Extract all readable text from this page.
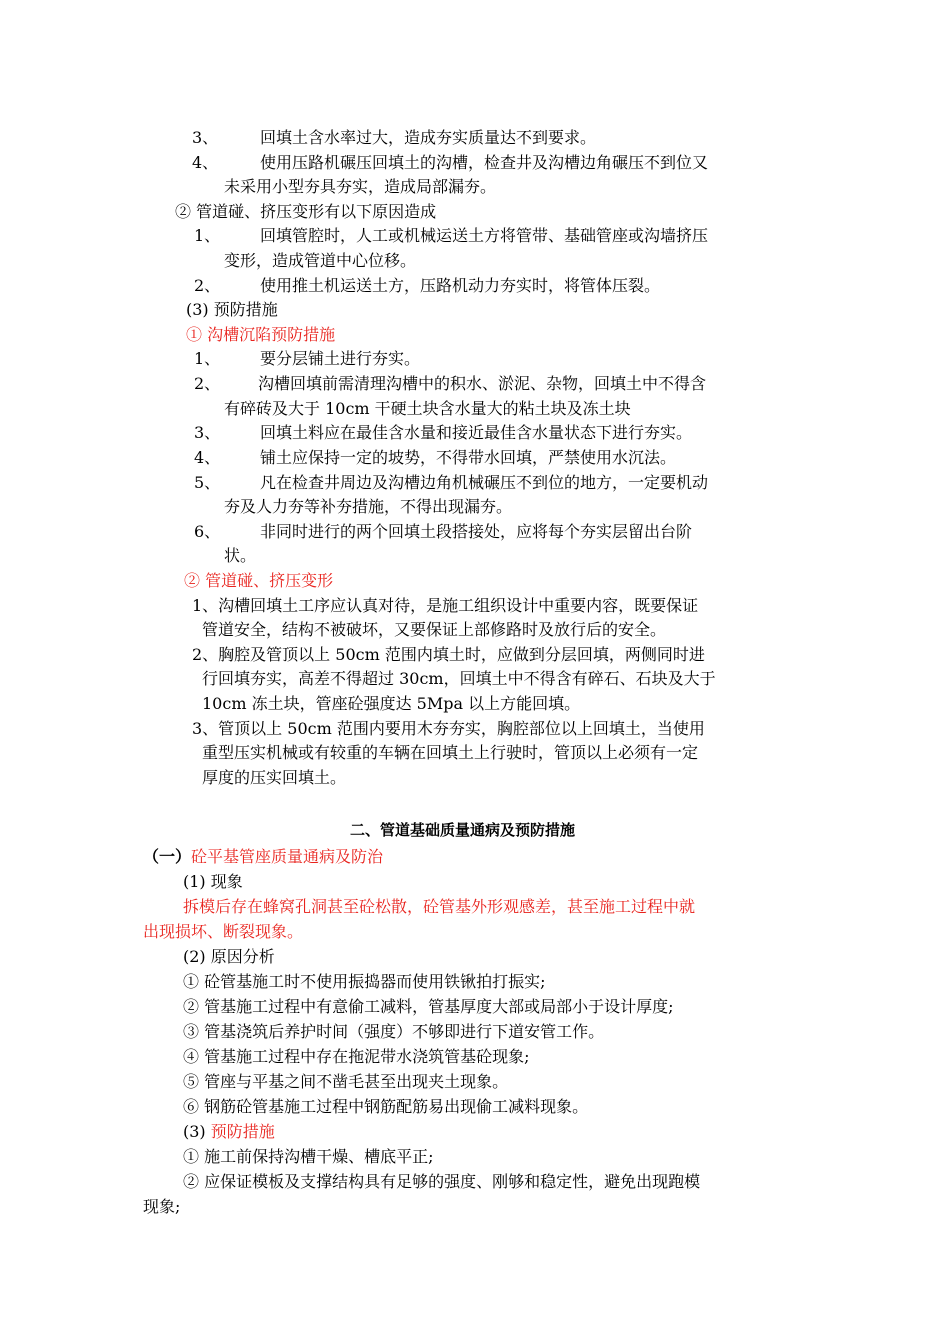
3、	回填土含水率过大，造成夯实质量达不到要求。
4、	使用压路机碾压回填土的沟槽，检查井及沟槽边角碾压不到位又
未采用小型夯具夯实，造成局部漏夯。
② 管道碰、挤压变形有以下原因造成
1、 回填管腔时，人工或机械运送土方将管带、基础管座或沟墙挤压
变形，造成管道中心位移。
2、 使用推土机运送土方，压路机动力夯实时，将管体压裂。
(3) 预防措施
① 沟槽沉陷预防措施
1、 要分层铺土进行夯实。
2、 沟槽回填前需清理沟槽中的积水、淤泥、杂物，回填土中不得含
有碎砖及大于 10cm 干硬土块含水量大的粘土块及冻土块
3、 回填土料应在最佳含水量和接近最佳含水量状态下进行夯实。
4、 铺土应保持一定的坡势，不得带水回填，严禁使用水沉法。
5、 凡在检查井周边及沟槽边角机械碾压不到位的地方，一定要机动
夯及人力夯等补夯措施，不得出现漏夯。
6、 非同时进行的两个回填土段搭接处，应将每个夯实层留出台阶
状。
② 管道碰、挤压变形
1、沟槽回填土工序应认真对待，是施工组织设计中重要内容，既要保证
管道安全，结构不被破坏，又要保证上部修路时及放行后的安全。
2、胸腔及管顶以上 50cm 范围内填土时，应做到分层回填，两侧同时进
行回填夯实，高差不得超过 30cm，回填土中不得含有碎石、石块及大于
10cm 冻土块，管座砼强度达 5Mpa 以上方能回填。
3、管顶以上 50cm 范围内要用木夯夯实，胸腔部位以上回填土，当使用
重型压实机械或有较重的车辆在回填土上行驶时，管顶以上必须有一定
厚度的压实回填土。
二、管道基础质量通病及预防措施
（一）砼平基管座质量通病及防治
(1) 现象
拆模后存在蜂窝孔洞甚至砼松散，砼管基外形观感差，甚至施工过程中就
出现损坏、断裂现象。
(2) 原因分析
① 砼管基施工时不使用振捣器而使用铁锹拍打振实;
② 管基施工过程中有意偷工减料，管基厚度大部或局部小于设计厚度;
③ 管基浇筑后养护时间（强度）不够即进行下道安管工作。
④ 管基施工过程中存在拖泥带水浇筑管基砼现象;
⑤ 管座与平基之间不凿毛甚至出现夹土现象。
⑥ 钢筋砼管基施工过程中钢筋配筋易出现偷工减料现象。
(3) 预防措施
① 施工前保持沟槽干燥、槽底平正;
② 应保证模板及支撑结构具有足够的强度、刚够和稳定性，避免出现跑模
现象;
